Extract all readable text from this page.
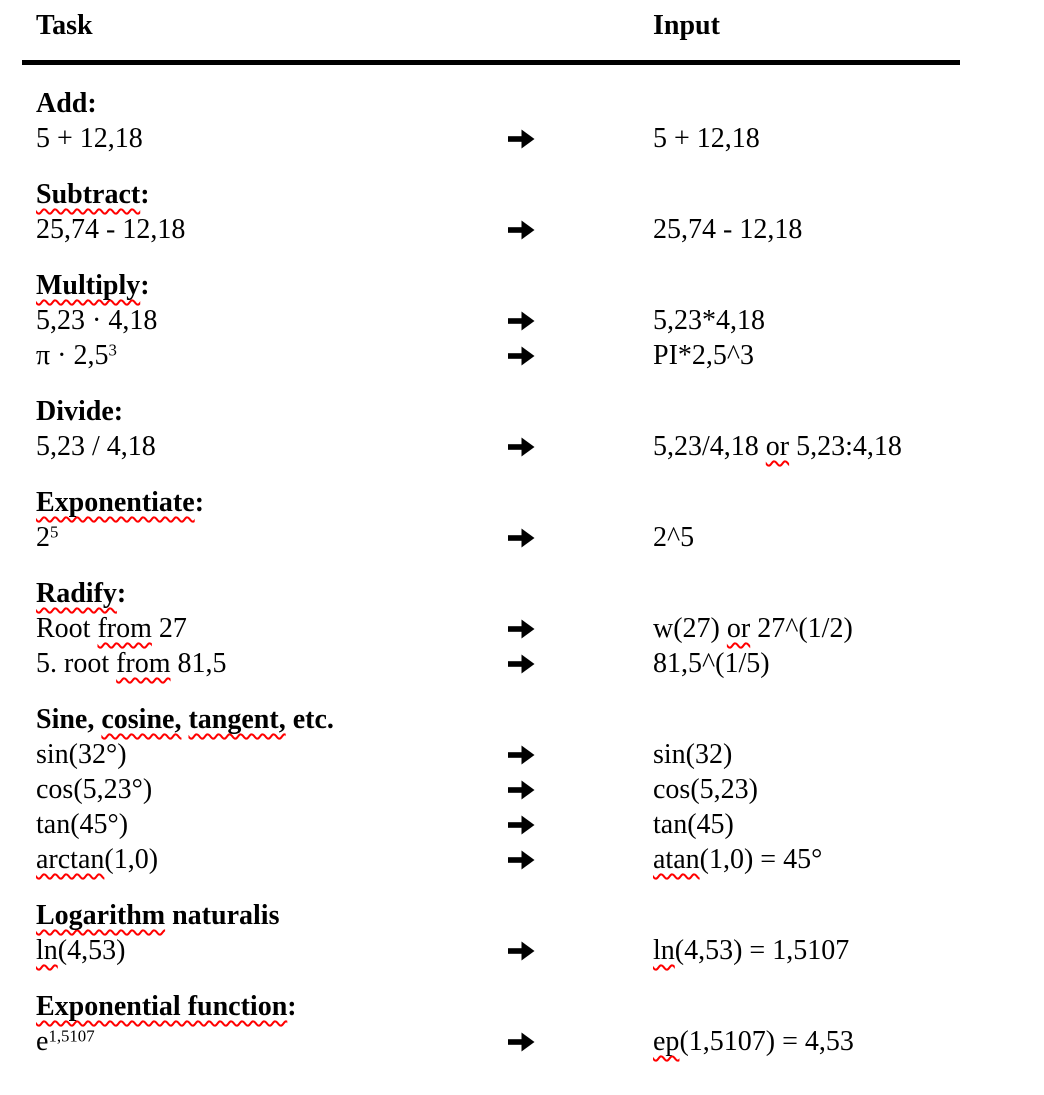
Task	Input
Add:
5 + 12,18	5 + 12,18
Subtract:
25,74 - 12,18	25,74 - 12,18
Multiply:
5,23 · 4,18	5,23*4,18
$\pi \cdot 2,5^3$	PI*2,5^3
Divide:
5,23 / 4,18	5,23/4,18 or 5,23:4,18
Exponentiate:
$2^5$	2^5
Radify:
Root from 27	w(27) or 27^(1/2)
5. root from 81,5	81,5^(1/5)
Sine, cosine, tangent, etc.
sin(32°)	sin(32)
cos(5,23°)	cos(5,23)
tan(45°)	tan(45)
arctan(1,0)	atan(1,0) = 45°
Logarithm naturalis
ln(4,53)	ln(4,53) = 1,5107
Exponential function:
$e^{1,5107}$	ep(1,5107) = 4,53
